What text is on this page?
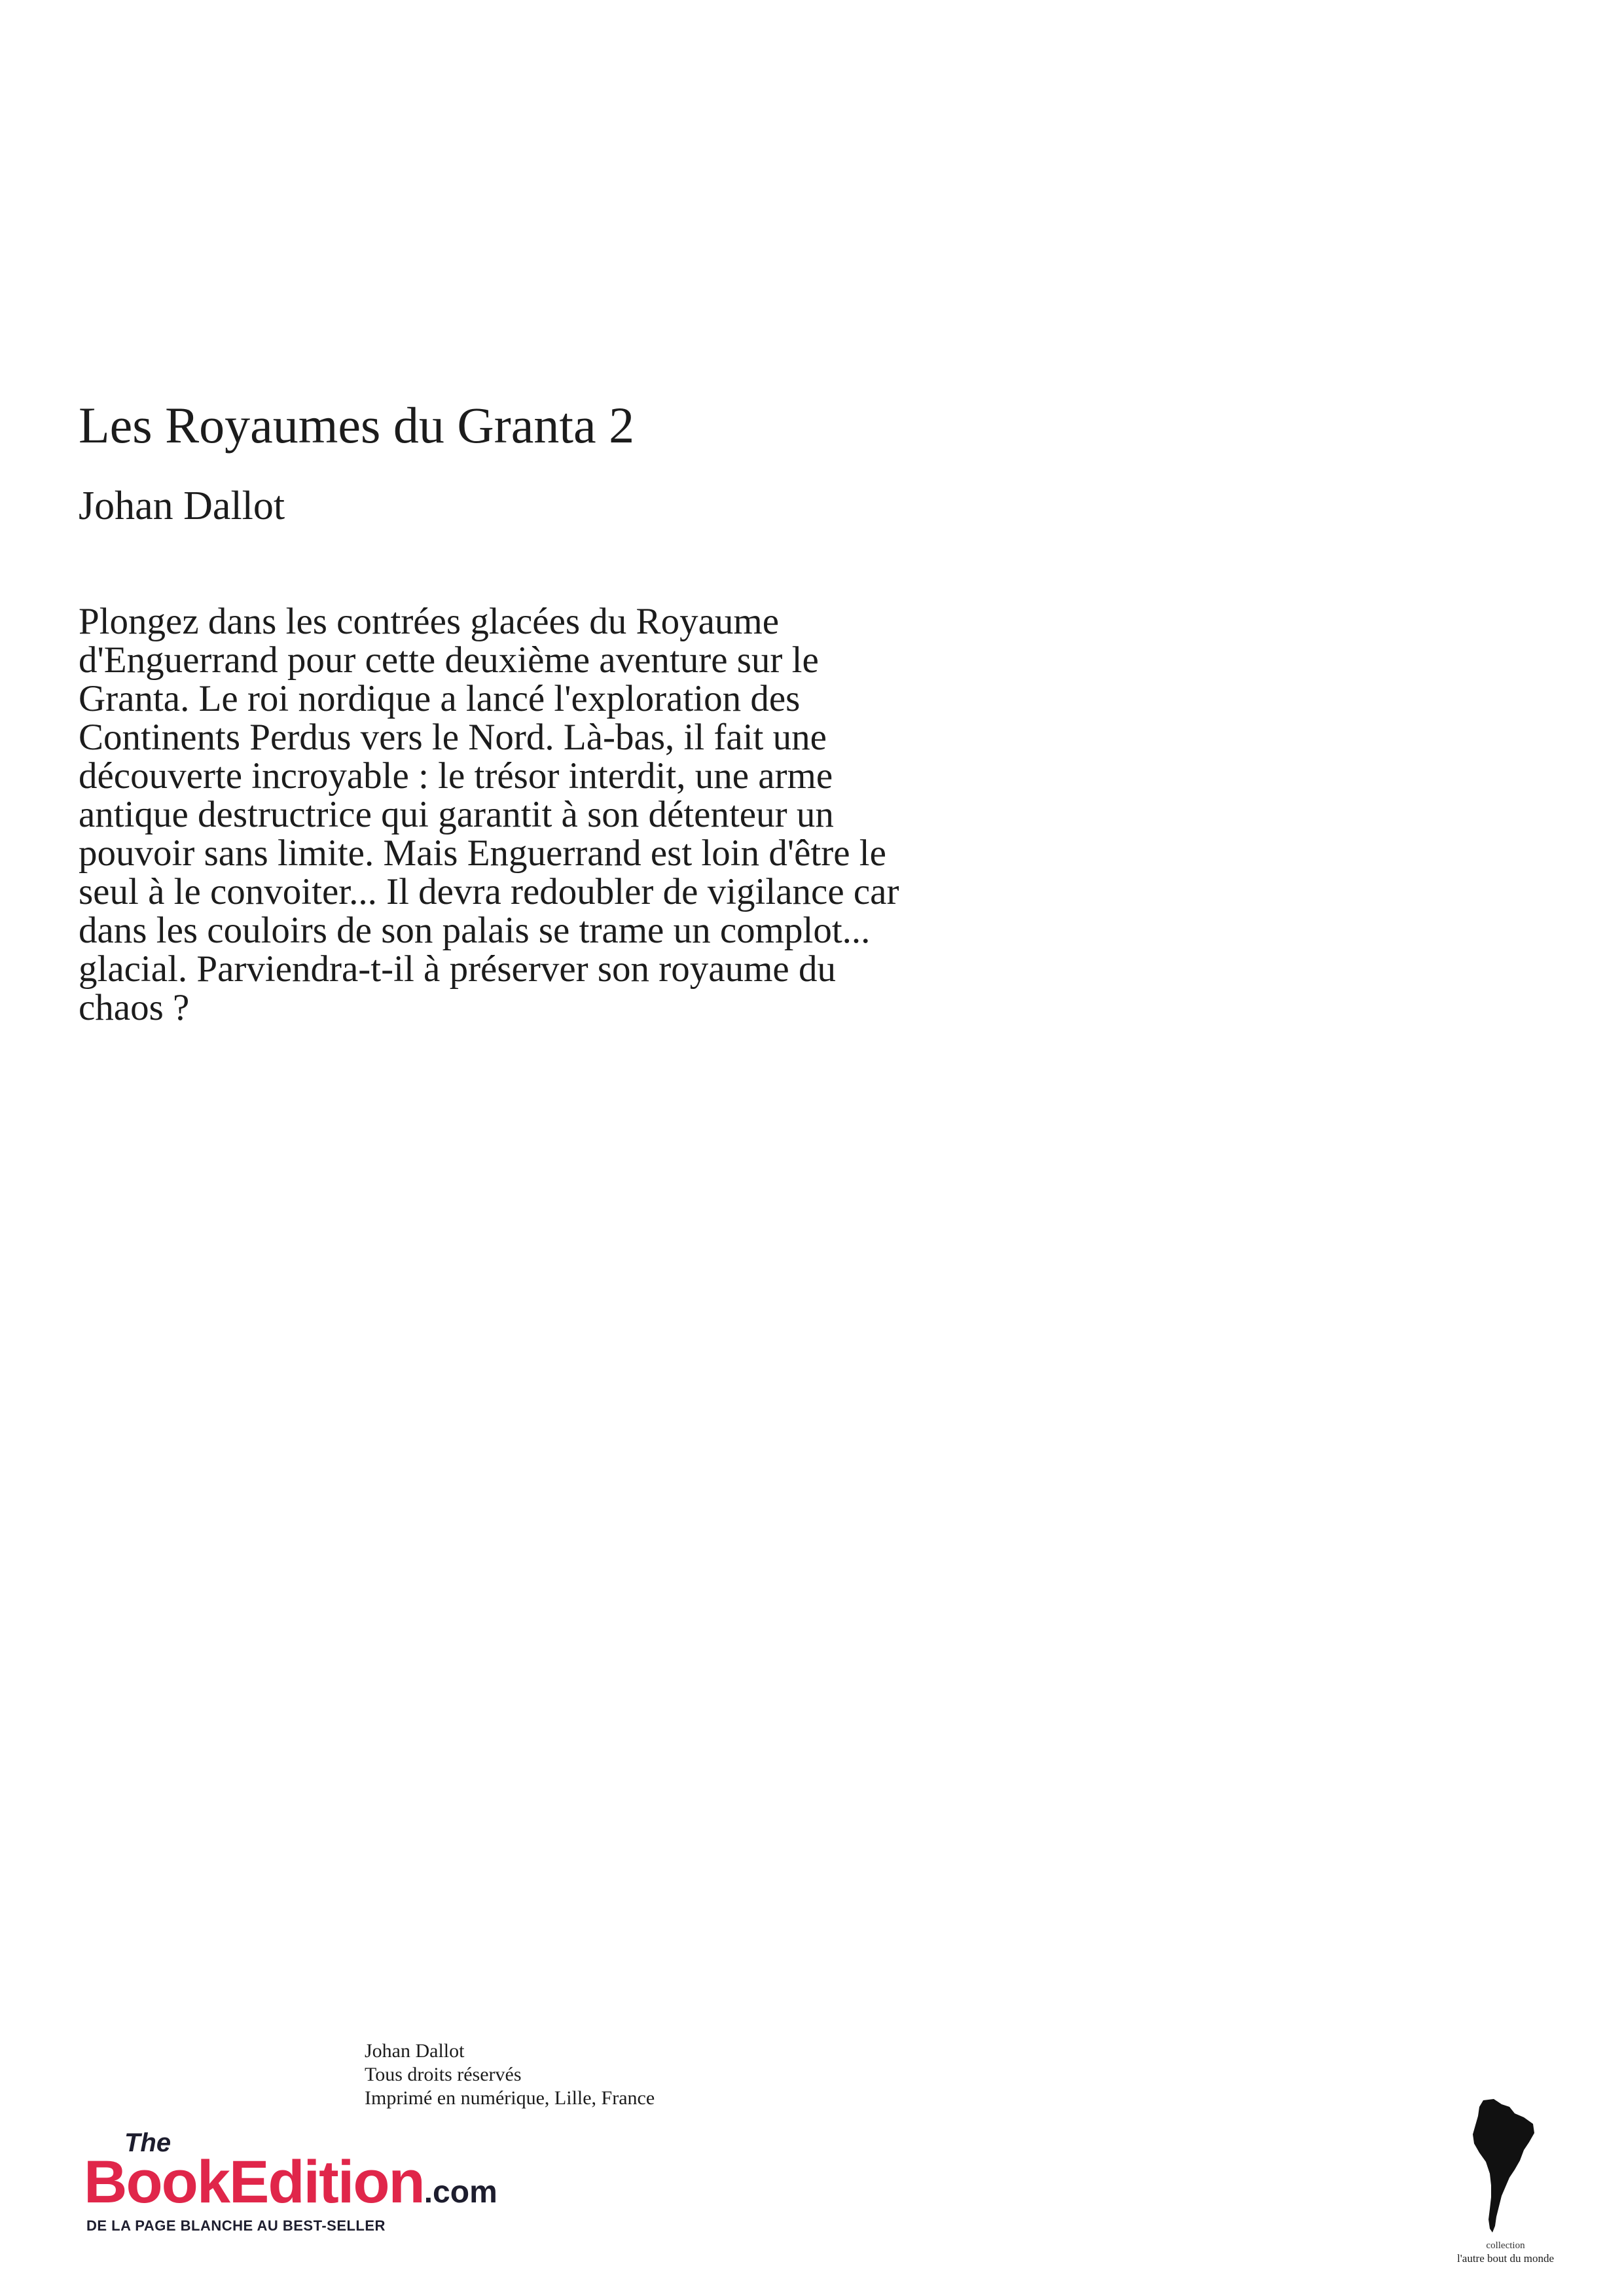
Les Royaumes du Granta 2
Johan Dallot

Plongez dans les contrées glacées du Royaume
d'Enguerrand pour cette deuxième aventure sur le
Granta. Le roi nordique a lancé l'exploration des
Continents Perdus vers le Nord. Là-bas, il fait une
découverte incroyable : le trésor interdit, une arme
antique destructrice qui garantit à son détenteur un
pouvoir sans limite. Mais Enguerrand est loin d'être le
seul à le convoiter... Il devra redoubler de vigilance car
dans les couloirs de son palais se trame un complot...
glacial. Parviendra-t-il à préserver son royaume du
chaos ?

Johan Dallot
Tous droits réservés
Imprimé en numérique, Lille, France
The
BookEdition.com
DE LA PAGE BLANCHE AU BEST-SELLER
collection
l'autre bout du monde
